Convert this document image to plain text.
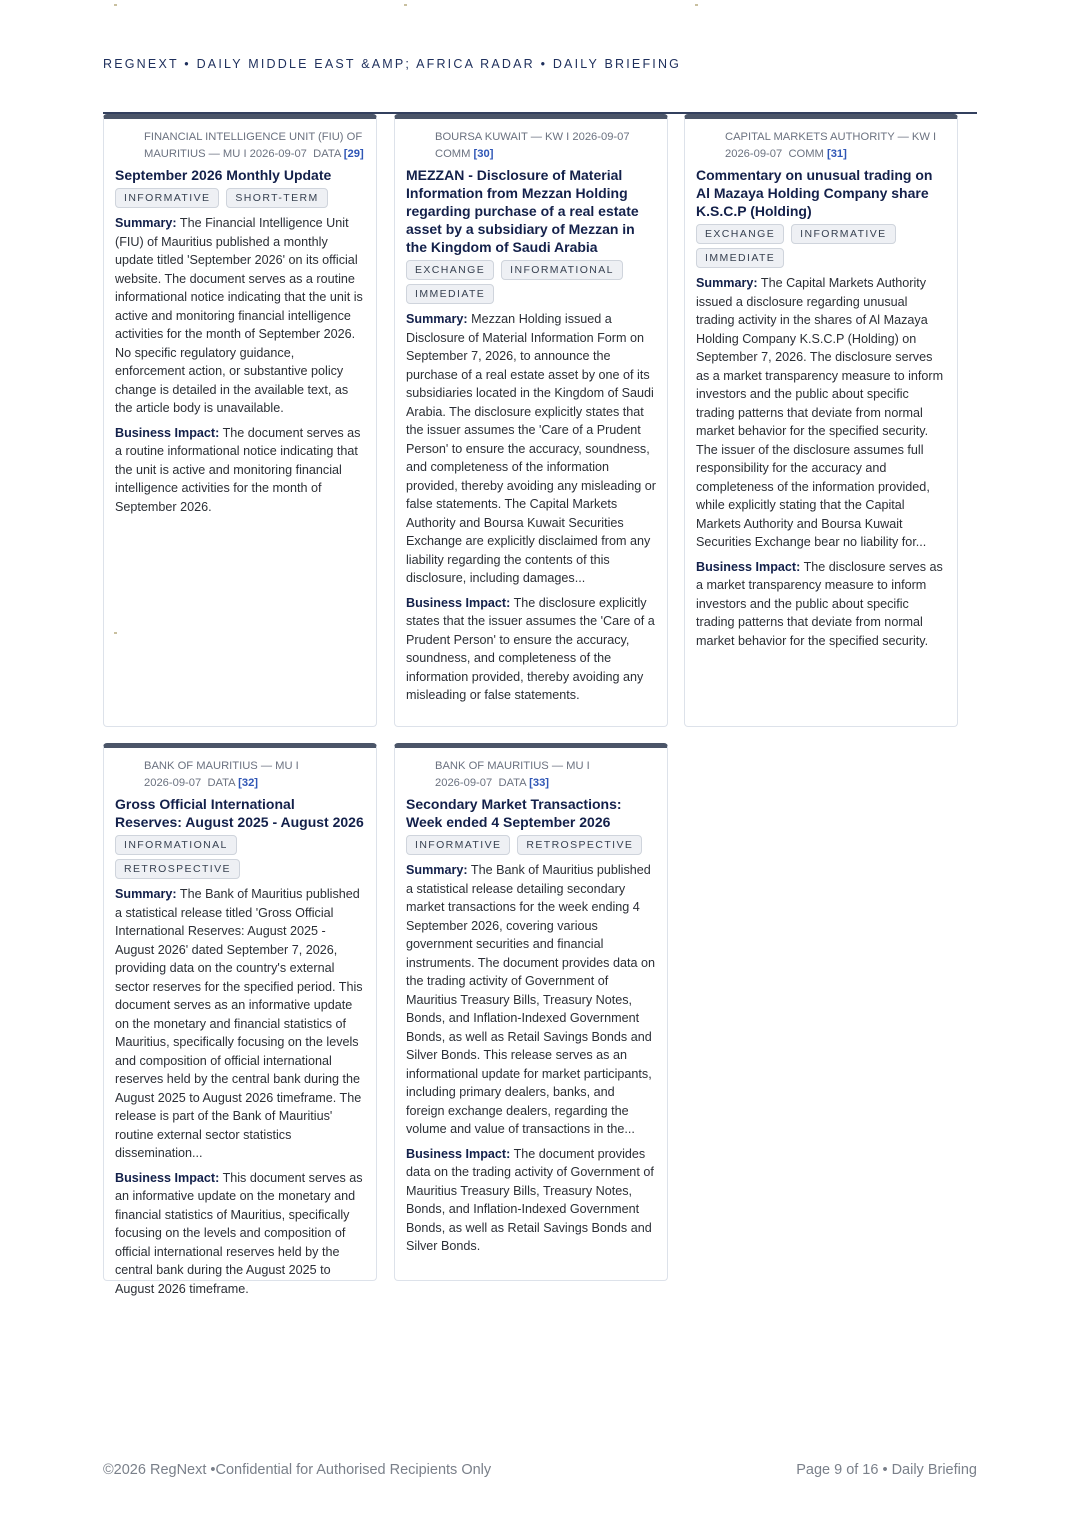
REGNEXT • DAILY MIDDLE EAST &AMP; AFRICA RADAR • DAILY BRIEFING
FINANCIAL INTELLIGENCE UNIT (FIU) OF MAURITIUS — MU I 2026-09-07 DATA [29]
September 2026 Monthly Update
INFORMATIVE	SHORT-TERM
Summary: The Financial Intelligence Unit (FIU) of Mauritius published a monthly update titled 'September 2026' on its official website. The document serves as a routine informational notice indicating that the unit is active and monitoring financial intelligence activities for the month of September 2026. No specific regulatory guidance, enforcement action, or substantive policy change is detailed in the available text, as the article body is unavailable.
Business Impact: The document serves as a routine informational notice indicating that the unit is active and monitoring financial intelligence activities for the month of September 2026.
BOURSA KUWAIT — KW I 2026-09-07  COMM [30]
MEZZAN - Disclosure of Material Information from Mezzan Holding regarding purchase of a real estate asset by a subsidiary of Mezzan in the Kingdom of Saudi Arabia
EXCHANGE	INFORMATIONAL
IMMEDIATE
Summary: Mezzan Holding issued a Disclosure of Material Information Form on September 7, 2026, to announce the purchase of a real estate asset by one of its subsidiaries located in the Kingdom of Saudi Arabia. The disclosure explicitly states that the issuer assumes the 'Care of a Prudent Person' to ensure the accuracy, soundness, and completeness of the information provided, thereby avoiding any misleading or false statements. The Capital Markets Authority and Boursa Kuwait Securities Exchange are explicitly disclaimed from any liability regarding the contents of this disclosure, including damages...
Business Impact: The disclosure explicitly states that the issuer assumes the 'Care of a Prudent Person' to ensure the accuracy, soundness, and completeness of the information provided, thereby avoiding any misleading or false statements.
CAPITAL MARKETS AUTHORITY — KW I 2026-09-07 COMM [31]
Commentary on unusual trading on Al Mazaya Holding Company share K.S.C.P (Holding)
EXCHANGE	INFORMATIVE
IMMEDIATE
Summary: The Capital Markets Authority issued a disclosure regarding unusual trading activity in the shares of Al Mazaya Holding Company K.S.C.P (Holding) on September 7, 2026. The disclosure serves as a market transparency measure to inform investors and the public about specific trading patterns that deviate from normal market behavior for the specified security. The issuer of the disclosure assumes full responsibility for the accuracy and completeness of the information provided, while explicitly stating that the Capital Markets Authority and Boursa Kuwait Securities Exchange bear no liability for...
Business Impact: The disclosure serves as a market transparency measure to inform investors and the public about specific trading patterns that deviate from normal market behavior for the specified security.
BANK OF MAURITIUS — MU I
2026-09-07 DATA [32]
Gross Official International Reserves: August 2025 - August 2026
INFORMATIONAL
RETROSPECTIVE
Summary: The Bank of Mauritius published a statistical release titled 'Gross Official International Reserves: August 2025 - August 2026' dated September 7, 2026, providing data on the country's external sector reserves for the specified period. This document serves as an informative update on the monetary and financial statistics of Mauritius, specifically focusing on the levels and composition of official international reserves held by the central bank during the August 2025 to August 2026 timeframe. The release is part of the Bank of Mauritius' routine external sector statistics dissemination...
Business Impact: This document serves as an informative update on the monetary and financial statistics of Mauritius, specifically focusing on the levels and composition of official international reserves held by the central bank during the August 2025 to August 2026 timeframe.
BANK OF MAURITIUS — MU I
2026-09-07 DATA [33]
Secondary Market Transactions: Week ended 4 September 2026
INFORMATIVE	RETROSPECTIVE
Summary: The Bank of Mauritius published a statistical release detailing secondary market transactions for the week ending 4 September 2026, covering various government securities and financial instruments. The document provides data on the trading activity of Government of Mauritius Treasury Bills, Treasury Notes, Bonds, and Inflation-Indexed Government Bonds, as well as Retail Savings Bonds and Silver Bonds. This release serves as an informational update for market participants, including primary dealers, banks, and foreign exchange dealers, regarding the volume and value of transactions in the...
Business Impact: The document provides data on the trading activity of Government of Mauritius Treasury Bills, Treasury Notes, Bonds, and Inflation-Indexed Government Bonds, as well as Retail Savings Bonds and Silver Bonds.
©2026 RegNext •Confidential for Authorised Recipients Only	Page 9 of 16 • Daily Briefing
